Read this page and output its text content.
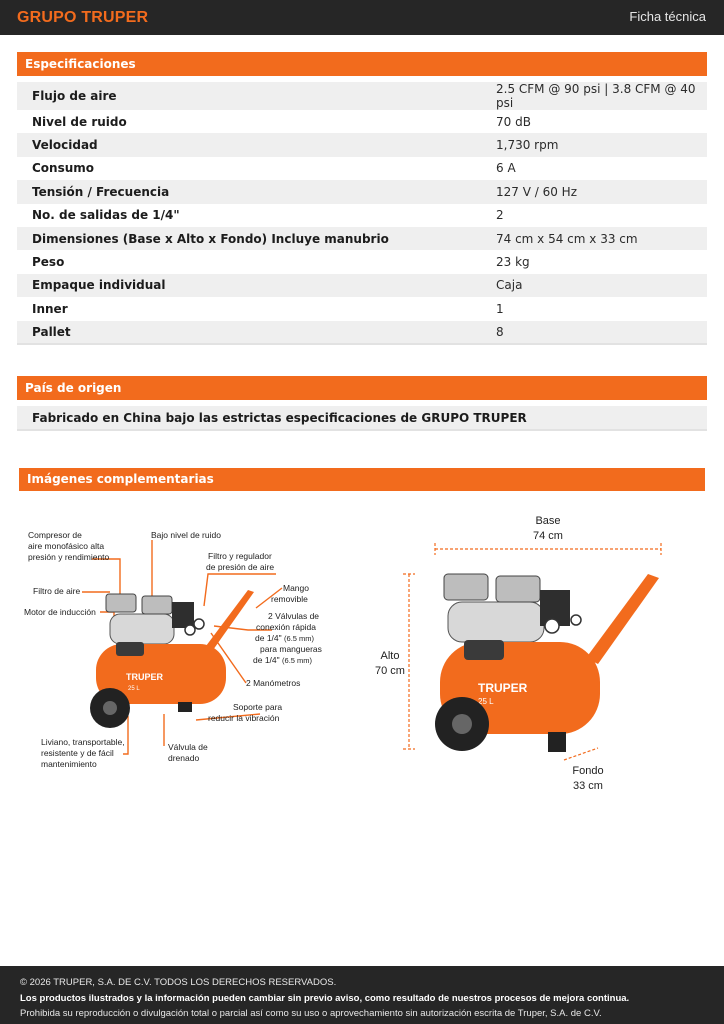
GRUPO TRUPER	Ficha técnica
Especificaciones
Flujo de aire	2.5 CFM @ 90 psi | 3.8 CFM @ 40 psi
Nivel de ruido	70 dB
Velocidad	1,730 rpm
Consumo	6 A
Tensión / Frecuencia	127 V / 60 Hz
No. de salidas de 1/4"	2
Dimensiones (Base x Alto x Fondo) Incluye manubrio	74 cm x 54 cm x 33 cm
Peso	23 kg
Empaque individual	Caja
Inner	1
Pallet	8
País de origen
Fabricado en China bajo las estrictas especificaciones de GRUPO TRUPER
Imágenes complementarias
TRUPER
25 L
Compresor de
aire monofásico alta
presión y rendimiento
Bajo nivel de ruido
Filtro y regulador
de presión de aire
Filtro de aire	Mango
removible
Motor de inducción	2 Válvulas de
conexión rápida
de 1/4" (6.5 mm)
para mangueras
de 1/4" (6.5 mm)
2 Manómetros
Soporte para
reducir la vibración
Liviano, transportable,
resistente y de fácil
mantenimiento
Válvula de
drenado
Base
74 cm
Alto
70 cm
Fondo
33 cm
TRUPER
25 L
© 2026 TRUPER, S.A. DE C.V. TODOS LOS DERECHOS RESERVADOS.
Los productos ilustrados y la información pueden cambiar sin previo aviso, como resultado de nuestros procesos de mejora continua.
Prohibida su reproducción o divulgación total o parcial así como su uso o aprovechamiento sin autorización escrita de Truper, S.A. de C.V.
